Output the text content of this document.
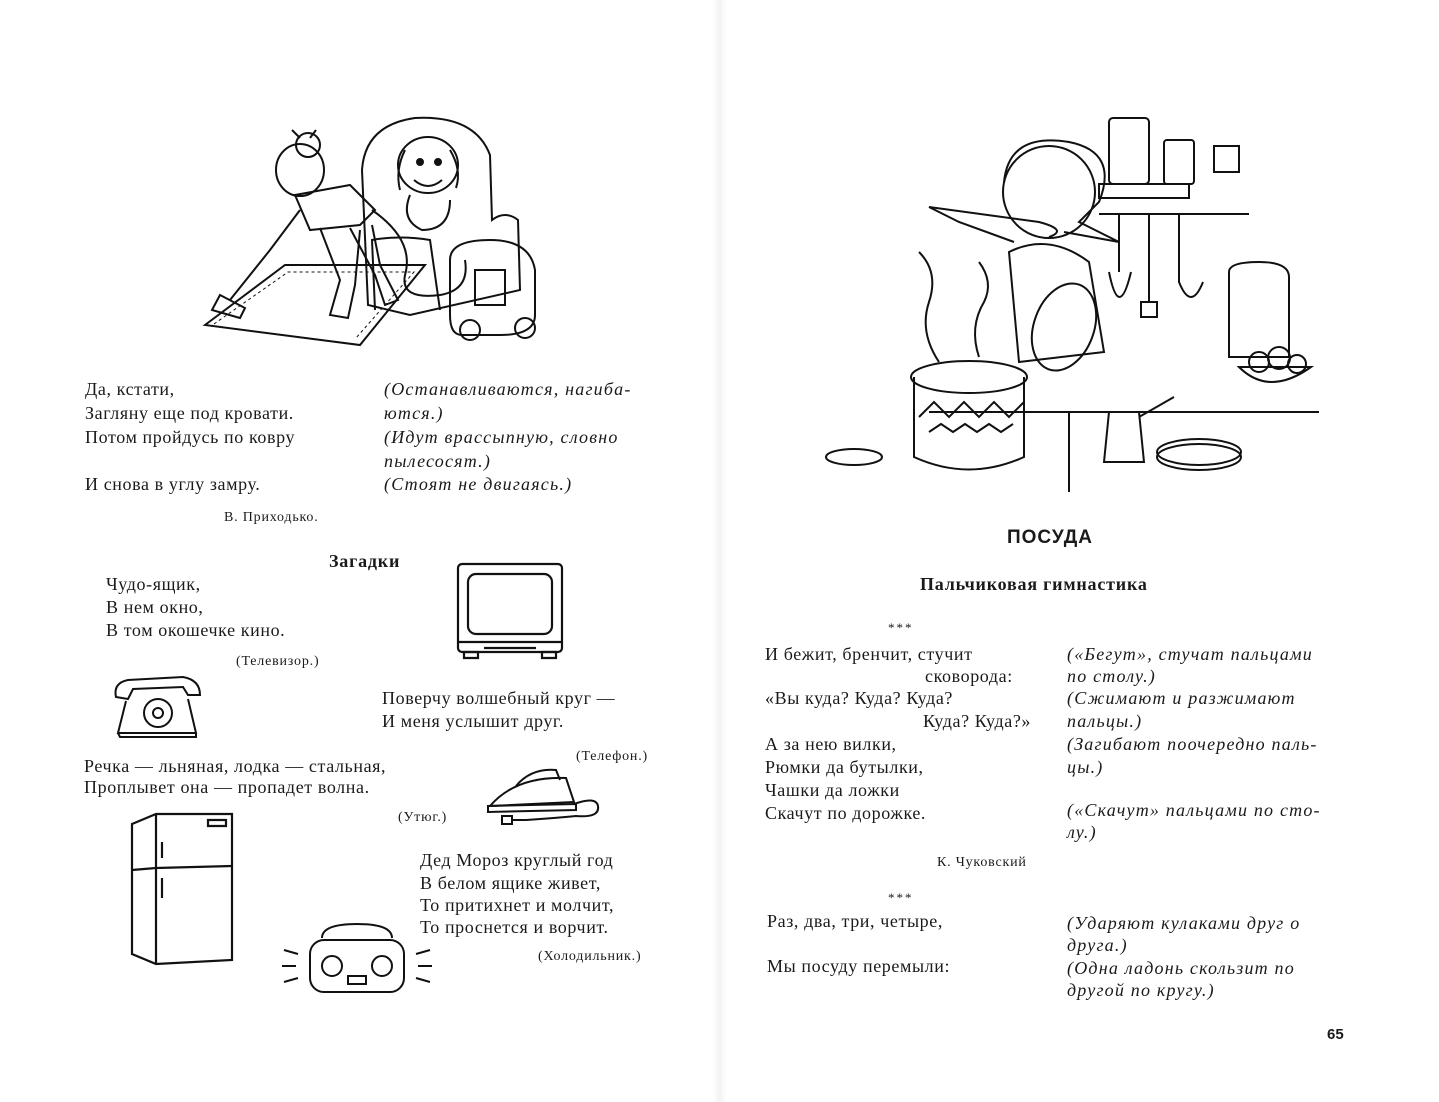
Да, кстати,
Загляну еще под кровати.
Потом пройдусь по ковру
И снова в углу замру.
(Останавливаются, нагиба-
ются.)
(Идут врассыпную, словно
пылесосят.)
(Стоят не двигаясь.)
В. Приходько.
Загадки
Чудо-ящик,
В нем окно,
В том окошечке кино.
(Телевизор.)
Поверчу волшебный круг —
И меня услышит друг.
(Телефон.)
Речка — льняная, лодка — стальная,
Проплывет она — пропадет волна.
(Утюг.)
Дед Мороз круглый год
В белом ящике живет,
То притихнет и молчит,
То проснется и ворчит.
(Холодильник.)
ПОСУДА
Пальчиковая гимнастика
***
И бежит, бренчит, стучит
сковорода:
«Вы куда? Куда? Куда?
Куда? Куда?»
А за нею вилки,
Рюмки да бутылки,
Чашки да ложки
Скачут по дорожке.
(«Бегут», стучат пальцами
по столу.)
(Сжимают и разжимают
пальцы.)
(Загибают поочередно паль-
цы.)
(«Скачут» пальцами по сто-
лу.)
К. Чуковский
***
Раз, два, три, четыре,
Мы посуду перемыли:
(Ударяют кулаками друг о
друга.)
(Одна ладонь скользит по
другой по кругу.)
65
